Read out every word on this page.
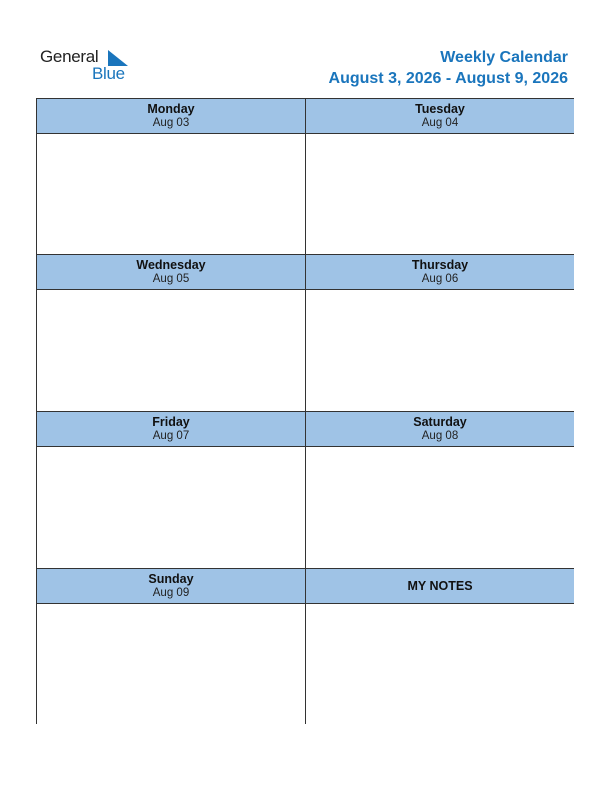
General
Blue
Weekly Calendar
August 3, 2026 - August 9, 2026
Monday
Aug 03
Tuesday
Aug 04
Wednesday
Aug 05
Thursday
Aug 06
Friday
Aug 07
Saturday
Aug 08
Sunday
Aug 09	MY NOTES
